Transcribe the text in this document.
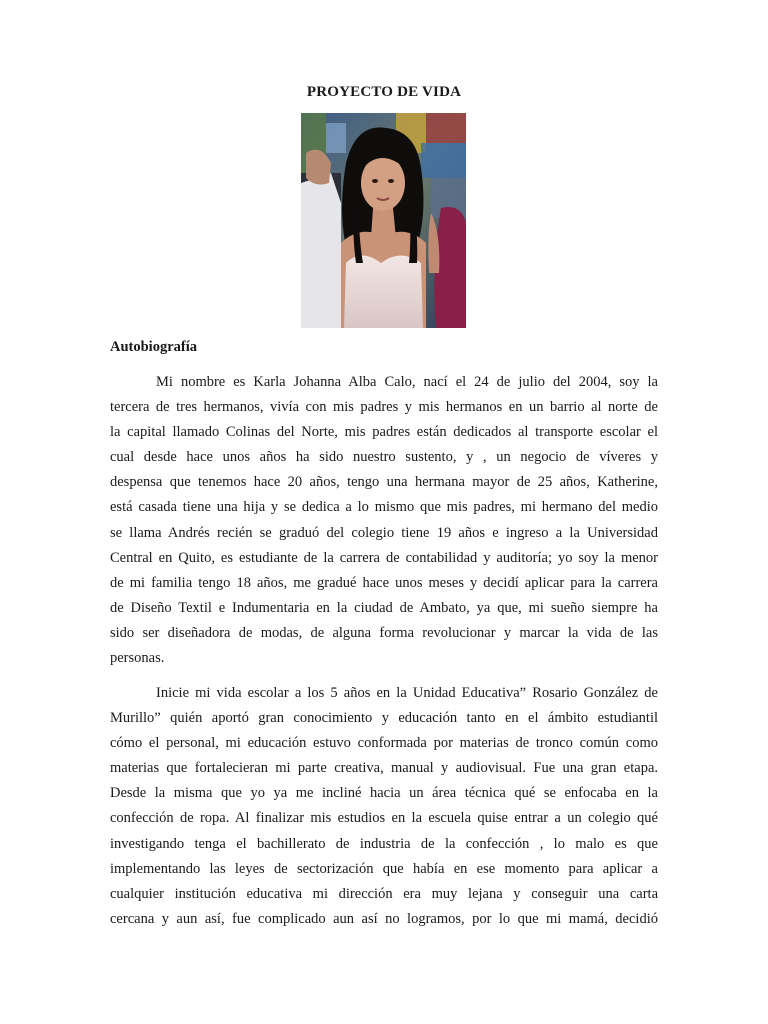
PROYECTO DE VIDA
Autobiografía
Mi nombre es Karla Johanna Alba Calo, nací el 24 de julio del 2004, soy la
tercera de tres hermanos, vivía con mis padres y mis hermanos en un barrio al norte de
la capital llamado Colinas del Norte, mis padres están dedicados al transporte escolar el
cual desde hace unos años ha sido nuestro sustento, y , un negocio de víveres y
despensa que tenemos hace 20 años, tengo una hermana mayor de 25 años, Katherine,
está casada tiene una hija y se dedica a lo mismo que mis padres, mi hermano del medio
se llama Andrés recién se graduó del colegio tiene 19 años e ingreso a la Universidad
Central en Quito, es estudiante de la carrera de contabilidad y auditoría; yo soy la menor
de mi familia tengo 18 años, me gradué hace unos meses y decidí aplicar para la carrera
de Diseño Textil e Indumentaria en la ciudad de Ambato, ya que, mi sueño siempre ha
sido ser diseñadora de modas, de alguna forma revolucionar y marcar la vida de las
personas.
Inicie mi vida escolar a los 5 años en la Unidad Educativa” Rosario González de
Murillo” quién aportó gran conocimiento y educación tanto en el ámbito estudiantil
cómo el personal, mi educación estuvo conformada por materias de tronco común como
materias que fortalecieran mi parte creativa, manual y audiovisual. Fue una gran etapa.
Desde la misma que yo ya me incliné hacia un área técnica qué se enfocaba en la
confección de ropa. Al finalizar mis estudios en la escuela quise entrar a un colegio qué
investigando tenga el bachillerato de industria de la confección , lo malo es que
implementando las leyes de sectorización que había en ese momento para aplicar a
cualquier institución educativa mi dirección era muy lejana y conseguir una carta
cercana y aun así, fue complicado aun así no logramos, por lo que mi mamá, decidió
